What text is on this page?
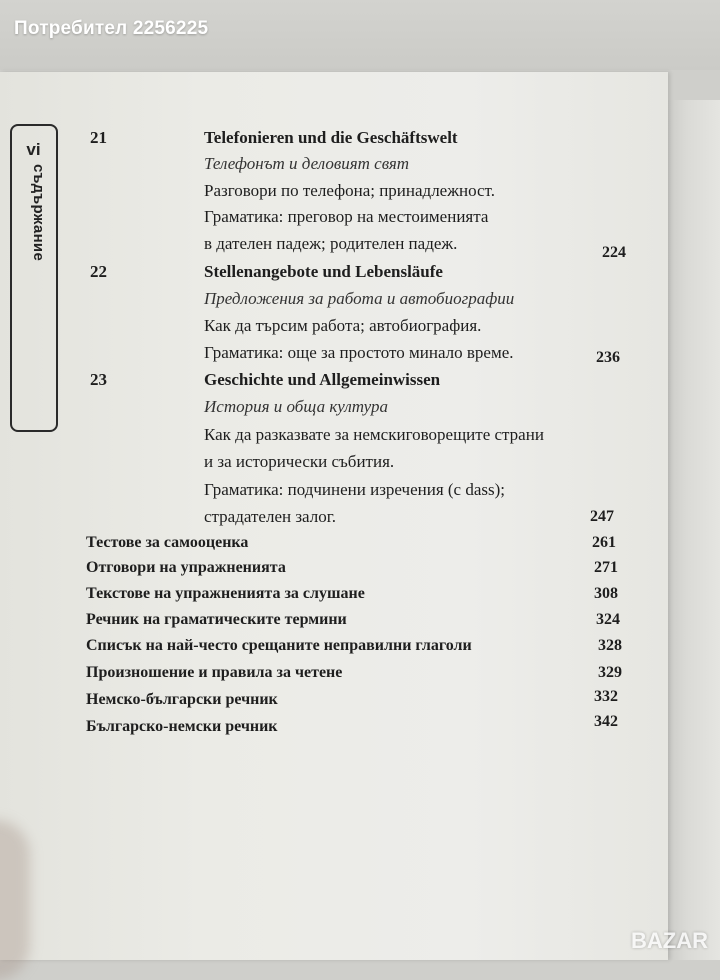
Потребител 2256225
vi
съдържание
21	Telefonieren und die Geschäftswelt
Телефонът и деловият свят
Разговори по телефона; принадлежност.
Граматика: преговор на местоименията
в дателен падеж; родителен падеж.	224
22	Stellenangebote und Lebensläufe
Предложения за работа и автобиографии
Как да търсим работа; автобиография.
Граматика: още за простото минало време.	236
23	Geschichte und Allgemeinwissen
История и обща култура
Как да разказвате за немскиговорещите страни
и за исторически събития.
Граматика: подчинени изречения (с dass);
страдателен залог.	247
Тестове за самооценка	261
Отговори на упражненията	271
Текстове на упражненията за слушане	308
Речник на граматическите термини	324
Списък на най-често срещаните неправилни глаголи	328
Произношение и правила за четене	329
Немско-български речник	332
Българско-немски речник	342
BAZAR
